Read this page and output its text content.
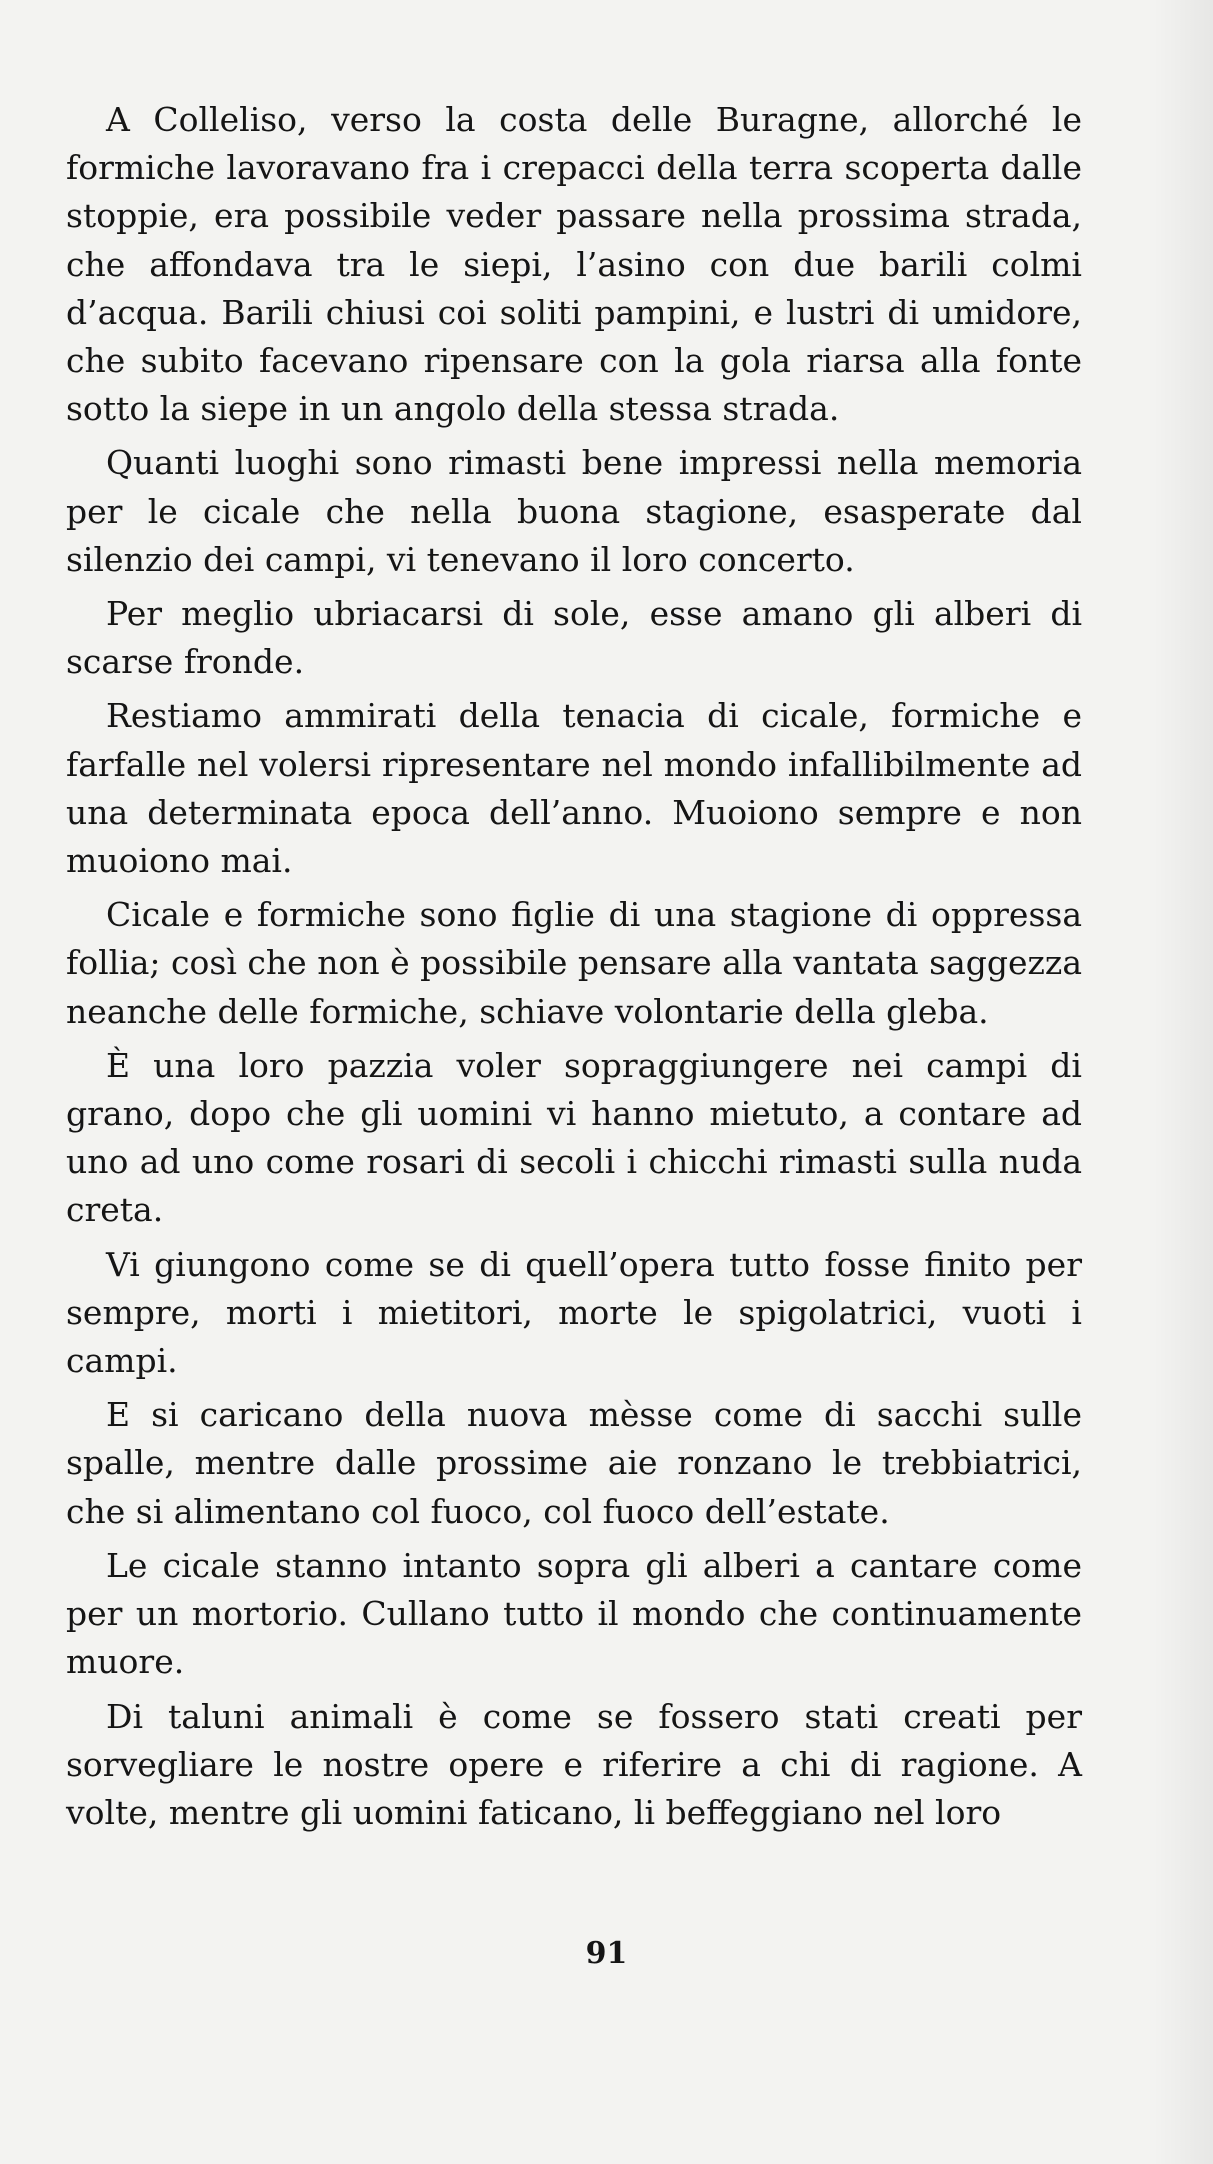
A Colleliso, verso la costa delle Buragne, allorché le formiche lavoravano fra i crepacci della terra scoperta dalle stoppie, era possibile veder passare nella prossima strada, che affondava tra le siepi, l’asino con due barili colmi d’acqua. Barili chiusi coi soliti pampini, e lustri di umidore, che subito facevano ripensare con la gola riarsa alla fonte sotto la siepe in un angolo della stessa strada.

Quanti luoghi sono rimasti bene impressi nella memoria per le cicale che nella buona stagione, esasperate dal silenzio dei campi, vi tenevano il loro concerto.

Per meglio ubriacarsi di sole, esse amano gli alberi di scarse fronde.

Restiamo ammirati della tenacia di cicale, formiche e farfalle nel volersi ripresentare nel mondo infallibilmente ad una determinata epoca dell’anno. Muoiono sempre e non muoiono mai.

Cicale e formiche sono figlie di una stagione di oppressa follia; così che non è possibile pensare alla vantata saggezza neanche delle formiche, schiave volontarie della gleba.

È una loro pazzia voler sopraggiungere nei campi di grano, dopo che gli uomini vi hanno mietuto, a contare ad uno ad uno come rosari di secoli i chicchi rimasti sulla nuda creta.

Vi giungono come se di quell’opera tutto fosse finito per sempre, morti i mietitori, morte le spigolatrici, vuoti i campi.

E si caricano della nuova mèsse come di sacchi sulle spalle, mentre dalle prossime aie ronzano le trebbiatrici, che si alimentano col fuoco, col fuoco dell’estate.

Le cicale stanno intanto sopra gli alberi a cantare come per un mortorio. Cullano tutto il mondo che continuamente muore.

Di taluni animali è come se fossero stati creati per sorvegliare le nostre opere e riferire a chi di ragione. A volte, mentre gli uomini faticano, li beffeggiano nel loro

91
